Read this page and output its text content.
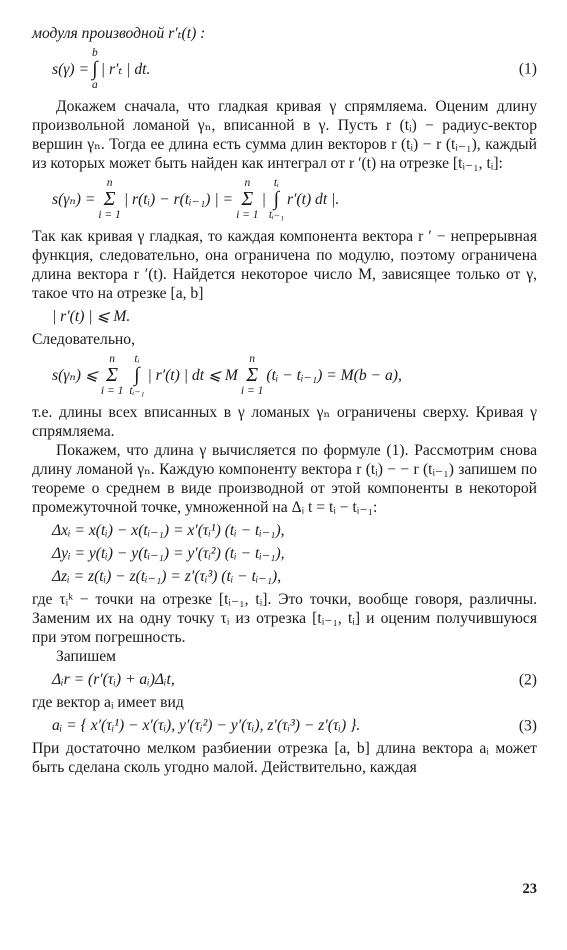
модуля производной r′ₜ(t) :

s(γ) =
b
∫
a
| r′ₜ | dt.	(1)

Докажем сначала, что гладкая кривая γ спрямляема. Оценим длину произвольной ломаной γₙ, вписанной в γ. Пусть r (tᵢ) − радиус-вектор вершин γₙ. Тогда ее длина есть сумма длин векторов r (tᵢ) − r (tᵢ₋₁), каждый из которых может быть найден как интеграл от r ′(t) на отрезке [tᵢ₋₁, tᵢ]:

s(γₙ) =
n
Σ
i = 1
| r(tᵢ) − r(tᵢ₋₁) | =
n
Σ
i = 1
|
tᵢ
∫
tᵢ₋₁
r′(t) dt |.

Так как кривая γ гладкая, то каждая компонента вектора r ′ − непрерывная функция, следовательно, она ограничена по модулю, поэтому ограничена длина вектора r ′(t). Найдется некоторое число M, зависящее только от γ, такое что на отрезке [a, b]

| r′(t) | ⩽ M.

Следовательно,

s(γₙ) ⩽
n
Σ
i = 1
tᵢ
∫
tᵢ₋₁
| r′(t) | dt ⩽ M
n
Σ
i = 1
(tᵢ − tᵢ₋₁) = M(b − a),

т.е. длины всех вписанных в γ ломаных γₙ ограничены сверху. Кривая γ спрямляема.

Покажем, что длина γ вычисляется по формуле (1). Рассмотрим снова длину ломаной γₙ. Каждую компоненту вектора r (tᵢ) − − r (tᵢ₋₁) запишем по теореме о среднем в виде производной от этой компоненты в некоторой промежуточной точке, умноженной на Δᵢ t = tᵢ − tᵢ₋₁:

Δxᵢ = x(tᵢ) − x(tᵢ₋₁) = x′(τᵢ¹) (tᵢ − tᵢ₋₁),
Δyᵢ = y(tᵢ) − y(tᵢ₋₁) = y′(τᵢ²) (tᵢ − tᵢ₋₁),
Δzᵢ = z(tᵢ) − z(tᵢ₋₁) = z′(τᵢ³) (tᵢ − tᵢ₋₁),

где τᵢᵏ − точки на отрезке [tᵢ₋₁, tᵢ]. Это точки, вообще говоря, различны. Заменим их на одну точку τᵢ из отрезка [tᵢ₋₁, tᵢ] и оценим получившуюся при этом погрешность.

Запишем

Δᵢr = (r′(τᵢ) + aᵢ)Δᵢt,	(2)

где вектор aᵢ имеет вид

aᵢ = { x′(τᵢ¹) − x′(τᵢ), y′(τᵢ²) − y′(τᵢ), z′(τᵢ³) − z′(τᵢ) }.	(3)

При достаточно мелком разбиении отрезка [a, b] длина вектора aᵢ может быть сделана сколь угодно малой. Действительно, каждая

23
